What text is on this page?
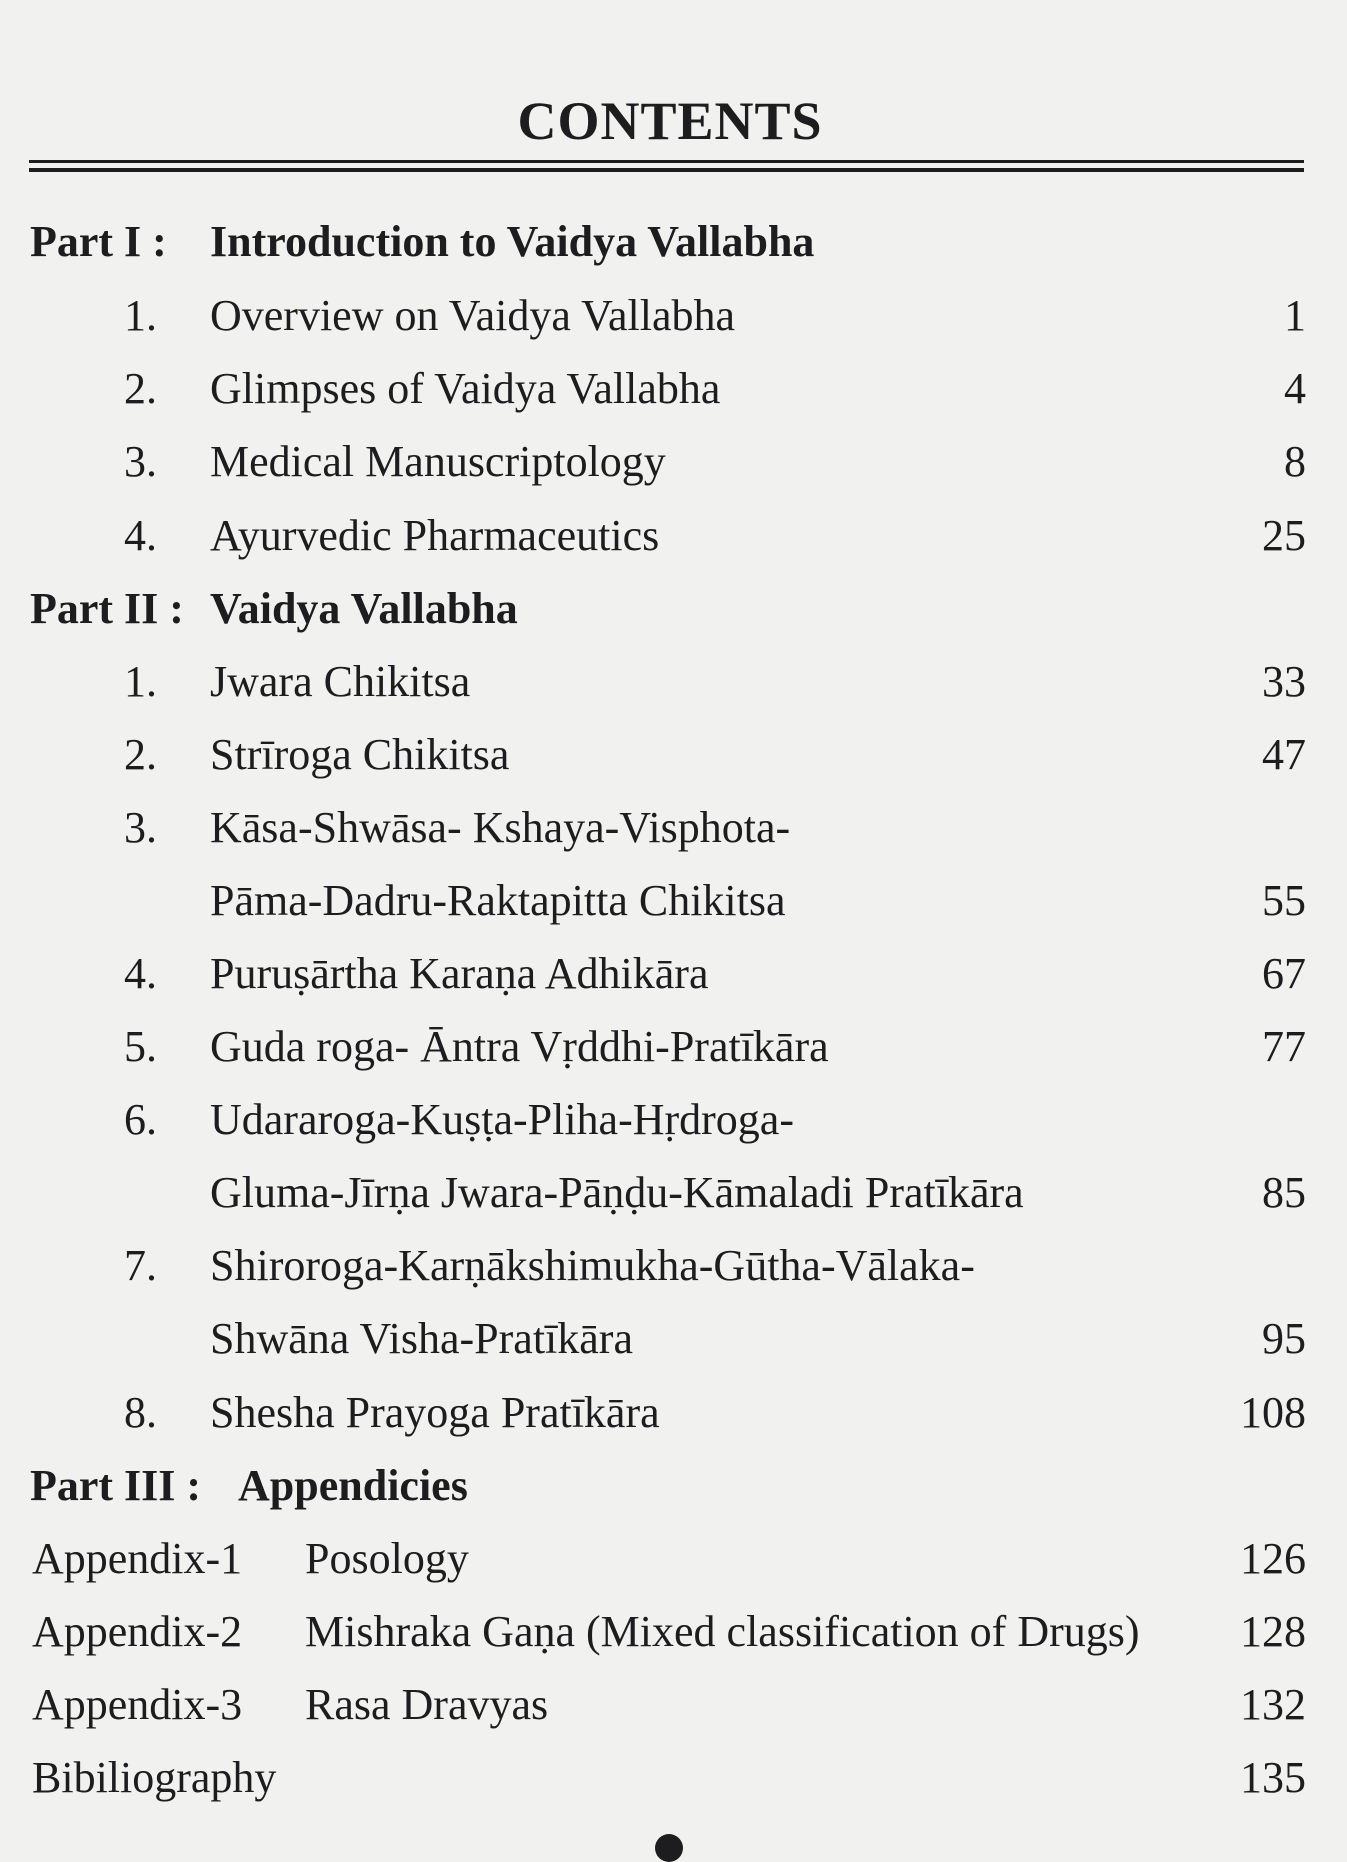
CONTENTS
Part I : Introduction to Vaidya Vallabha
1. Overview on Vaidya Vallabha	1
2. Glimpses of Vaidya Vallabha	4
3. Medical Manuscriptology	8
4. Ayurvedic Pharmaceutics	25
Part II : Vaidya Vallabha
1. Jwara Chikitsa	33
2. Strīroga Chikitsa	47
3. Kāsa-Shwāsa- Kshaya-Visphota-
Pāma-Dadru-Raktapitta Chikitsa	55
4. Puruṣārtha Karaṇa Adhikāra	67
5. Guda roga- Āntra Vṛddhi-Pratīkāra	77
6. Udararoga-Kuṣṭa-Pliha-Hṛdroga-
Gluma-Jīrṇa Jwara-Pāṇḍu-Kāmaladi Pratīkāra	85
7. Shiroroga-Karṇākshimukha-Gūtha-Vālaka-
Shwāna Visha-Pratīkāra	95
8. Shesha Prayoga Pratīkāra	108
Part III : Appendicies
Appendix-1 Posology	126
Appendix-2 Mishraka Gaṇa (Mixed classification of Drugs) 128
Appendix-3 Rasa Dravyas	132
Bibiliography	135
